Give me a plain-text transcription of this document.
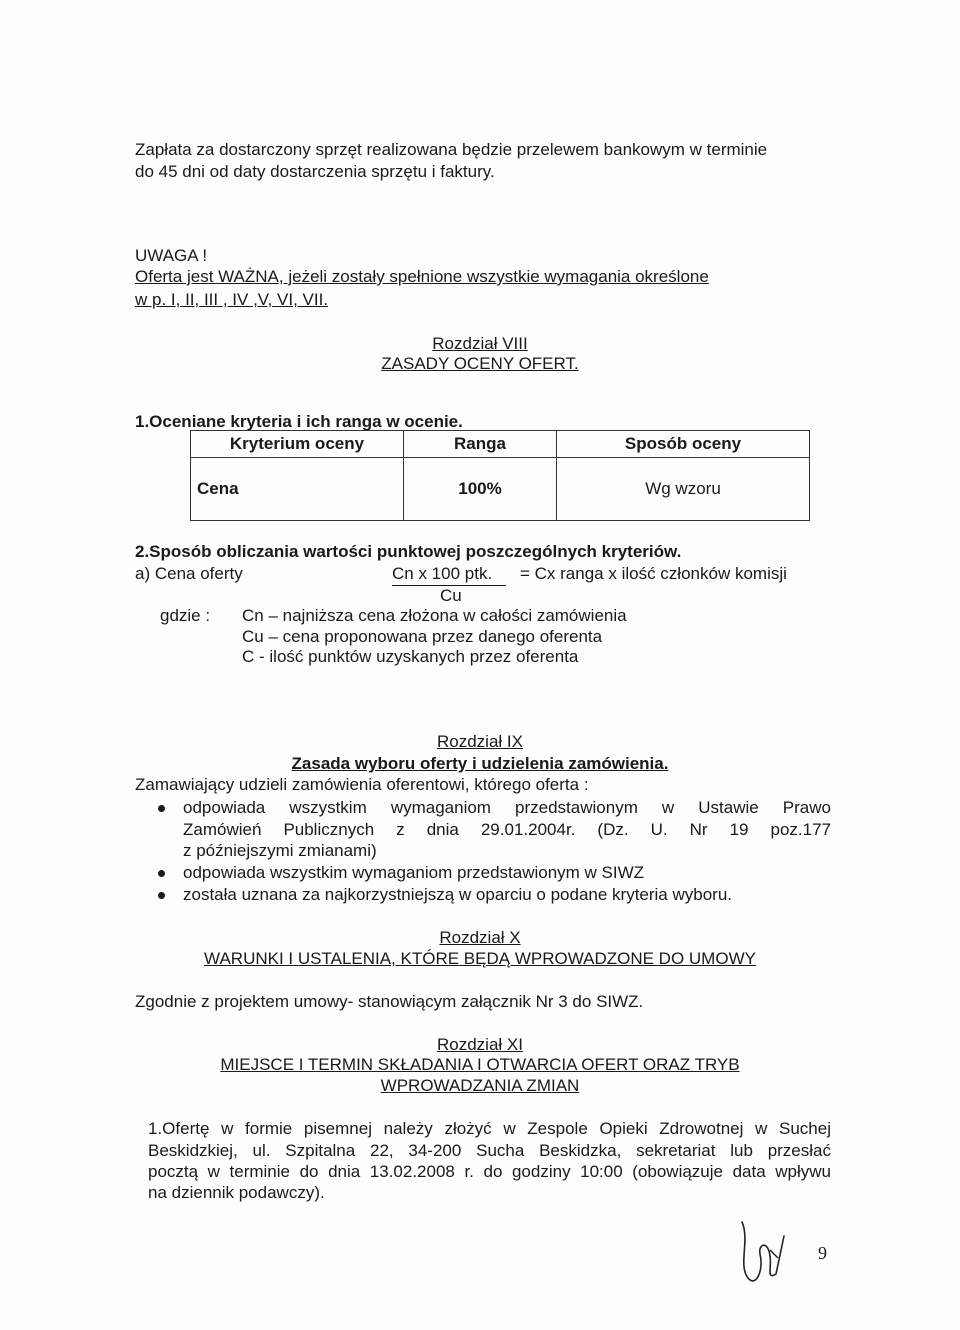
Zapłata za dostarczony sprzęt realizowana będzie przelewem bankowym w terminie
do 45 dni od daty dostarczenia sprzętu i faktury.
UWAGA !
Oferta jest WAŻNA, jeżeli zostały spełnione wszystkie wymagania określone
w p. I, II, III , IV ,V, VI, VII.
Rozdział VIII
ZASADY OCENY OFERT.
1.Oceniane kryteria i ich ranga w ocenie.
Kryterium oceny	Ranga	Sposób oceny
Cena	100%	Wg wzoru
2.Sposób obliczania wartości punktowej poszczególnych kryteriów.
a) Cena oferty	Cn x 100 ptk.	= Cx ranga x ilość członków komisji
Cu
gdzie : Cn – najniższa cena złożona w całości zamówienia
Cu – cena proponowana przez danego oferenta
C - ilość punktów uzyskanych przez oferenta
Rozdział IX
Zasada wyboru oferty i udzielenia zamówienia.
Zamawiający udzieli zamówienia oferentowi, którego oferta :
odpowiada wszystkim wymaganiom przedstawionym w Ustawie Prawo
Zamówień Publicznych z dnia 29.01.2004r. (Dz. U. Nr 19 poz.177
z późniejszymi zmianami)
odpowiada wszystkim wymaganiom przedstawionym w SIWZ
została uznana za najkorzystniejszą w oparciu o podane kryteria wyboru.
Rozdział X
WARUNKI I USTALENIA, KTÓRE BĘDĄ WPROWADZONE DO UMOWY
Zgodnie z projektem umowy- stanowiącym załącznik Nr 3 do SIWZ.
Rozdział XI
MIEJSCE I TERMIN SKŁADANIA I OTWARCIA OFERT ORAZ TRYB
WPROWADZANIA ZMIAN
1.Ofertę w formie pisemnej należy złożyć w Zespole Opieki Zdrowotnej w Suchej
Beskidzkiej, ul. Szpitalna 22, 34-200 Sucha Beskidzka, sekretariat lub przesłać
pocztą w terminie do dnia 13.02.2008 r. do godziny 10:00 (obowiązuje data wpływu
na dziennik podawczy).
9
